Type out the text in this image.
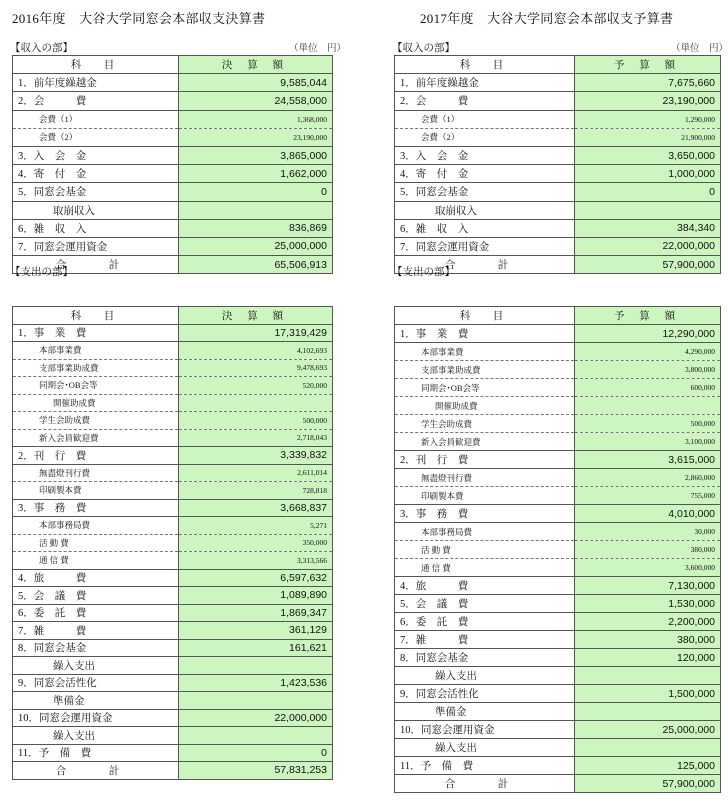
2016年度　大谷大学同窓会本部収支決算書
【収入の部】	（単位　円）
科　目	決 算 額
1．前年度繰越金	9,585,044
2．会　　　費	24,558,000
会費（1）	1,368,000
会費（2）	23,190,000
3．入　会　金	3,865,000
4．寄　付　金	1,662,000
5．同窓会基金	0
取崩収入	
6．雑　収　入	836,869
7．同窓会運用資金	25,000,000
合　計	65,506,913
【支出の部】
科　目	決 算 額
1．事　業　費	17,319,429
本部事業費	4,102,693
支部事業助成費	9,478,693
同期会･OB会等	520,000
開催助成費	
学生会助成費	500,000
新入会員歓迎費	2,718,043
2．刊　行　費	3,339,832
無盡燈刊行費	2,611,014
印刷製本費	728,818
3．事　務　費	3,668,837
本部事務局費	5,271
活 動 費	350,000
通 信 費	3,313,566
4．旅　　　費	6,597,632
5．会　議　費	1,089,890
6．委　託　費	1,869,347
7．雑　　　費	361,129
8．同窓会基金	161,621
繰入支出	
9．同窓会活性化	1,423,536
準備金	
10．同窓会運用資金	22,000,000
繰入支出	
11．予　備　費	0
合　計	57,831,253
2017年度　大谷大学同窓会本部収支予算書
【収入の部】	（単位　円）
科　目	予 算 額
1．前年度繰越金	7,675,660
2．会　　　費	23,190,000
会費（1）	1,290,000
会費（2）	21,900,000
3．入　会　金	3,650,000
4．寄　付　金	1,000,000
5．同窓会基金	0
取崩収入	
6．雑　収　入	384,340
7．同窓会運用資金	22,000,000
合　計	57,900,000
【支出の部】
科　目	予 算 額
1．事　業　費	12,290,000
本部事業費	4,290,000
支部事業助成費	3,800,000
同期会･OB会等	600,000
開催助成費	
学生会助成費	500,000
新入会員歓迎費	3,100,000
2．刊　行　費	3,615,000
無盡燈刊行費	2,860,000
印刷製本費	755,000
3．事　務　費	4,010,000
本部事務局費	30,000
活 動 費	380,000
通 信 費	3,600,000
4．旅　　　費	7,130,000
5．会　議　費	1,530,000
6．委　託　費	2,200,000
7．雑　　　費	380,000
8．同窓会基金	120,000
繰入支出	
9．同窓会活性化	1,500,000
準備金	
10．同窓会運用資金	25,000,000
繰入支出	
11．予　備　費	125,000
合　計	57,900,000
